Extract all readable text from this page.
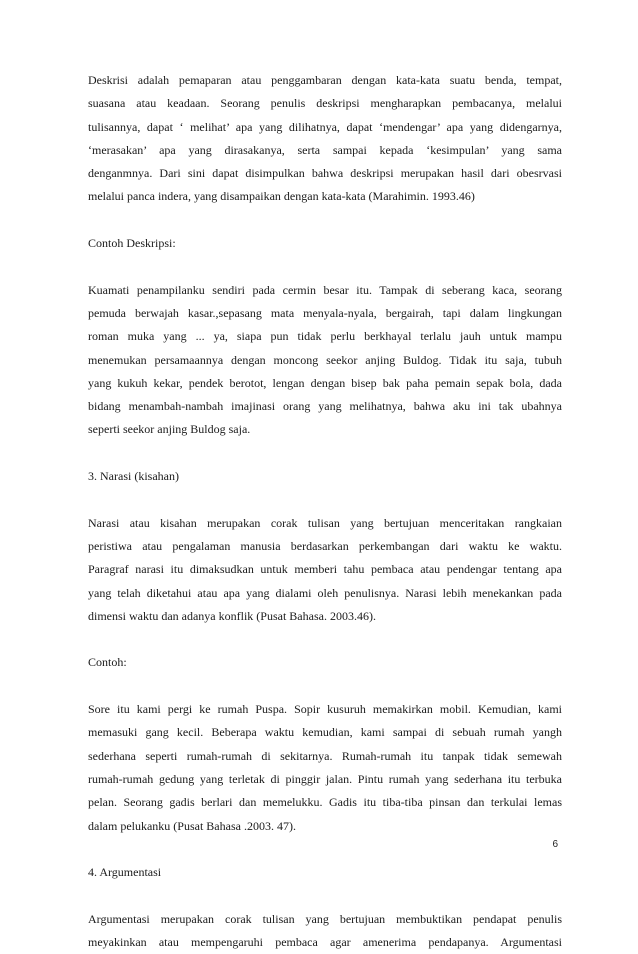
Deskrisi adalah pemaparan atau penggambaran dengan kata-kata suatu benda, tempat,
suasana atau keadaan. Seorang penulis deskripsi mengharapkan pembacanya, melalui
tulisannya, dapat ‘ melihat’ apa yang dilihatnya, dapat ‘mendengar’ apa yang didengarnya,
‘merasakan’ apa yang dirasakanya, serta sampai kepada ‘kesimpulan’ yang sama
denganmnya. Dari sini dapat disimpulkan bahwa deskripsi merupakan hasil dari obesrvasi
melalui panca indera, yang disampaikan dengan kata-kata (Marahimin. 1993.46)
Contoh Deskripsi:
Kuamati penampilanku sendiri pada cermin besar itu. Tampak di seberang kaca, seorang
pemuda berwajah kasar.,sepasang mata menyala-nyala, bergairah, tapi dalam lingkungan
roman muka yang ... ya, siapa pun tidak perlu berkhayal terlalu jauh untuk mampu
menemukan persamaannya dengan moncong seekor anjing Buldog. Tidak itu saja, tubuh
yang kukuh kekar, pendek berotot, lengan dengan bisep bak paha pemain sepak bola, dada
bidang menambah-nambah imajinasi orang yang melihatnya, bahwa aku ini tak ubahnya
seperti seekor anjing Buldog saja.
3. Narasi (kisahan)
Narasi atau kisahan merupakan corak tulisan yang bertujuan menceritakan rangkaian
peristiwa atau pengalaman manusia berdasarkan perkembangan dari waktu ke waktu.
Paragraf narasi itu dimaksudkan untuk memberi tahu pembaca atau pendengar tentang apa
yang telah diketahui atau apa yang dialami oleh penulisnya. Narasi lebih menekankan pada
dimensi waktu dan adanya konflik (Pusat Bahasa. 2003.46).
Contoh:
Sore itu kami pergi ke rumah Puspa. Sopir kusuruh memakirkan mobil. Kemudian, kami
memasuki gang kecil. Beberapa waktu kemudian, kami sampai di sebuah rumah yangh
sederhana seperti rumah-rumah di sekitarnya. Rumah-rumah itu tanpak tidak semewah
rumah-rumah gedung yang terletak di pinggir jalan. Pintu rumah yang sederhana itu terbuka
pelan. Seorang gadis berlari dan memelukku. Gadis itu tiba-tiba pinsan dan terkulai lemas
dalam pelukanku (Pusat Bahasa .2003. 47).
4. Argumentasi
Argumentasi merupakan corak tulisan yang bertujuan membuktikan pendapat penulis
meyakinkan atau mempengaruhi pembaca agar amenerima pendapanya. Argumentasi
6
